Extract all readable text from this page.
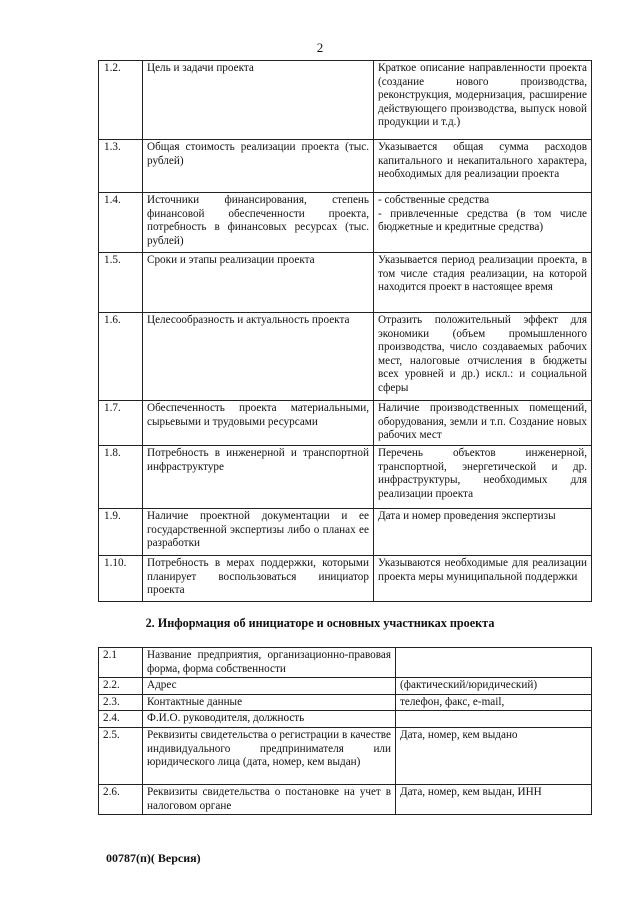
2
1.2.	Цель и задачи проекта	Краткое описание направленности проекта (создание нового производства, реконструкция, модернизация, расширение действующего производства, выпуск новой продукции и т.д.)
1.3.	Общая стоимость реализации проекта (тыс. рублей)	Указывается общая сумма расходов капитального и некапитального характера, необходимых для реализации проекта
1.4.	Источники финансирования, степень финансовой обеспеченности проекта, потребность в финансовых ресурсах (тыс. рублей)	- собственные средства
- привлеченные средства (в том числе бюджетные и кредитные средства)
1.5.	Сроки и этапы реализации проекта	Указывается период реализации проекта, в том числе стадия реализации, на которой находится проект в настоящее время
1.6.	Целесообразность и актуальность проекта	Отразить положительный эффект для экономики (объем промышленного производства, число создаваемых рабочих мест, налоговые отчисления в бюджеты всех уровней и др.) искл.: и социальной сферы
1.7.	Обеспеченность проекта материальными, сырьевыми и трудовыми ресурсами	Наличие производственных помещений, оборудования, земли и т.п. Создание новых рабочих мест
1.8.	Потребность в инженерной и транспортной инфраструктуре	Перечень объектов инженерной, транспортной, энергетической и др. инфраструктуры, необходимых для реализации проекта
1.9.	Наличие проектной документации и ее государственной экспертизы либо о планах ее разработки	Дата и номер проведения экспертизы
1.10.	Потребность в мерах поддержки, которыми планирует воспользоваться инициатор проекта	Указываются необходимые для реализации проекта меры муниципальной поддержки
2. Информация об инициаторе и основных участниках проекта
2.1	Название предприятия, организационно-правовая форма, форма собственности	
2.2.	Адрес	(фактический/юридический)
2.3.	Контактные данные	телефон, факс, e-mail,
2.4.	Ф.И.О. руководителя, должность	
2.5.	Реквизиты свидетельства о регистрации в качестве индивидуального предпринимателя или юридического лица (дата, номер, кем выдан)	Дата, номер, кем выдано
2.6.	Реквизиты свидетельства о постановке на учет в налоговом органе	Дата, номер, кем выдан, ИНН
00787(п)( Версия)
